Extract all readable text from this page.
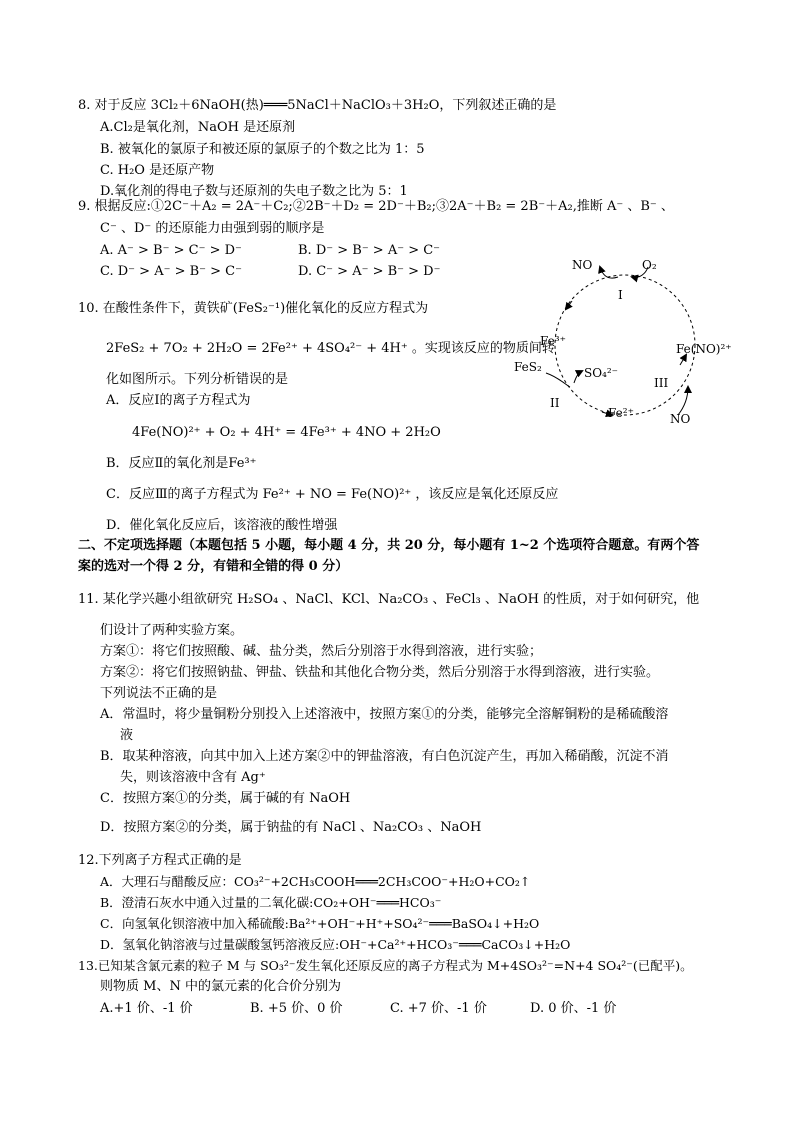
8. 对于反应 3Cl₂＋6NaOH(热)═══5NaCl＋NaClO₃＋3H₂O，下列叙述正确的是
A.Cl₂是氧化剂，NaOH 是还原剂
B. 被氧化的氯原子和被还原的氯原子的个数之比为 1：5
C. H₂O 是还原产物
D.氧化剂的得电子数与还原剂的失电子数之比为 5：1
9. 根据反应:①2C⁻＋A₂ = 2A⁻＋C₂;②2B⁻＋D₂ = 2D⁻＋B₂;③2A⁻＋B₂ = 2B⁻＋A₂,推断 A⁻ 、B⁻ 、
C⁻ 、D⁻ 的还原能力由强到弱的顺序是
A. A⁻ > B⁻ > C⁻ > D⁻	B. D⁻ > B⁻ > A⁻ > C⁻
C. D⁻ > A⁻ > B⁻ > C⁻	D. C⁻ > A⁻ > B⁻ > D⁻
10. 在酸性条件下，黄铁矿(FeS₂⁻¹)催化氧化的反应方程式为
2FeS₂ + 7O₂ + 2H₂O = 2Fe²⁺ + 4SO₄²⁻ + 4H⁺ 。实现该反应的物质间转
化如图所示。下列分析错误的是
A．反应Ⅰ的离子方程式为
4Fe(NO)²⁺ + O₂ + 4H⁺ = 4Fe³⁺ + 4NO + 2H₂O
B．反应Ⅱ的氧化剂是Fe³⁺
C．反应Ⅲ的离子方程式为 Fe²⁺ + NO = Fe(NO)²⁺ ，该反应是氧化还原反应
D．催化氧化反应后，该溶液的酸性增强
NO	O₂
I
Fe³⁺
Fe(NO)²⁺
FeS₂	SO₄²⁻
II
III
Fe²⁺	NO
二、不定项选择题（本题包括 5 小题，每小题 4 分，共 20 分，每小题有 1~2 个选项符合题意。有两个答
案的选对一个得 2 分，有错和全错的得 0 分）
11. 某化学兴趣小组欲研究 H₂SO₄ 、NaCl、KCl、Na₂CO₃ 、FeCl₃ 、NaOH 的性质，对于如何研究，他
们设计了两种实验方案。
方案①：将它们按照酸、碱、盐分类，然后分别溶于水得到溶液，进行实验；
方案②：将它们按照钠盐、钾盐、铁盐和其他化合物分类，然后分别溶于水得到溶液，进行实验。
下列说法不正确的是
A．常温时，将少量铜粉分别投入上述溶液中，按照方案①的分类，能够完全溶解铜粉的是稀硫酸溶
液
B．取某种溶液，向其中加入上述方案②中的钾盐溶液，有白色沉淀产生，再加入稀硝酸，沉淀不消
失，则该溶液中含有 Ag⁺
C．按照方案①的分类，属于碱的有 NaOH
D．按照方案②的分类，属于钠盐的有 NaCl 、Na₂CO₃ 、NaOH
12.下列离子方程式正确的是
A．大理石与醋酸反应：CO₃²⁻+2CH₃COOH═══2CH₃COO⁻+H₂O+CO₂↑
B．澄清石灰水中通入过量的二氧化碳:CO₂+OH⁻═══HCO₃⁻
C．向氢氧化钡溶液中加入稀硫酸:Ba²⁺+OH⁻+H⁺+SO₄²⁻═══BaSO₄↓+H₂O
D．氢氧化钠溶液与过量碳酸氢钙溶液反应:OH⁻+Ca²⁺+HCO₃⁻═══CaCO₃↓+H₂O
13.已知某含氯元素的粒子 M 与 SO₃²⁻发生氧化还原反应的离子方程式为 M+4SO₃²⁻=N+4 SO₄²⁻(已配平)。
则物质 M、N 中的氯元素的化合价分别为
A.+1 价、-1 价	B. +5 价、0 价	C. +7 价、-1 价	D. 0 价、-1 价
